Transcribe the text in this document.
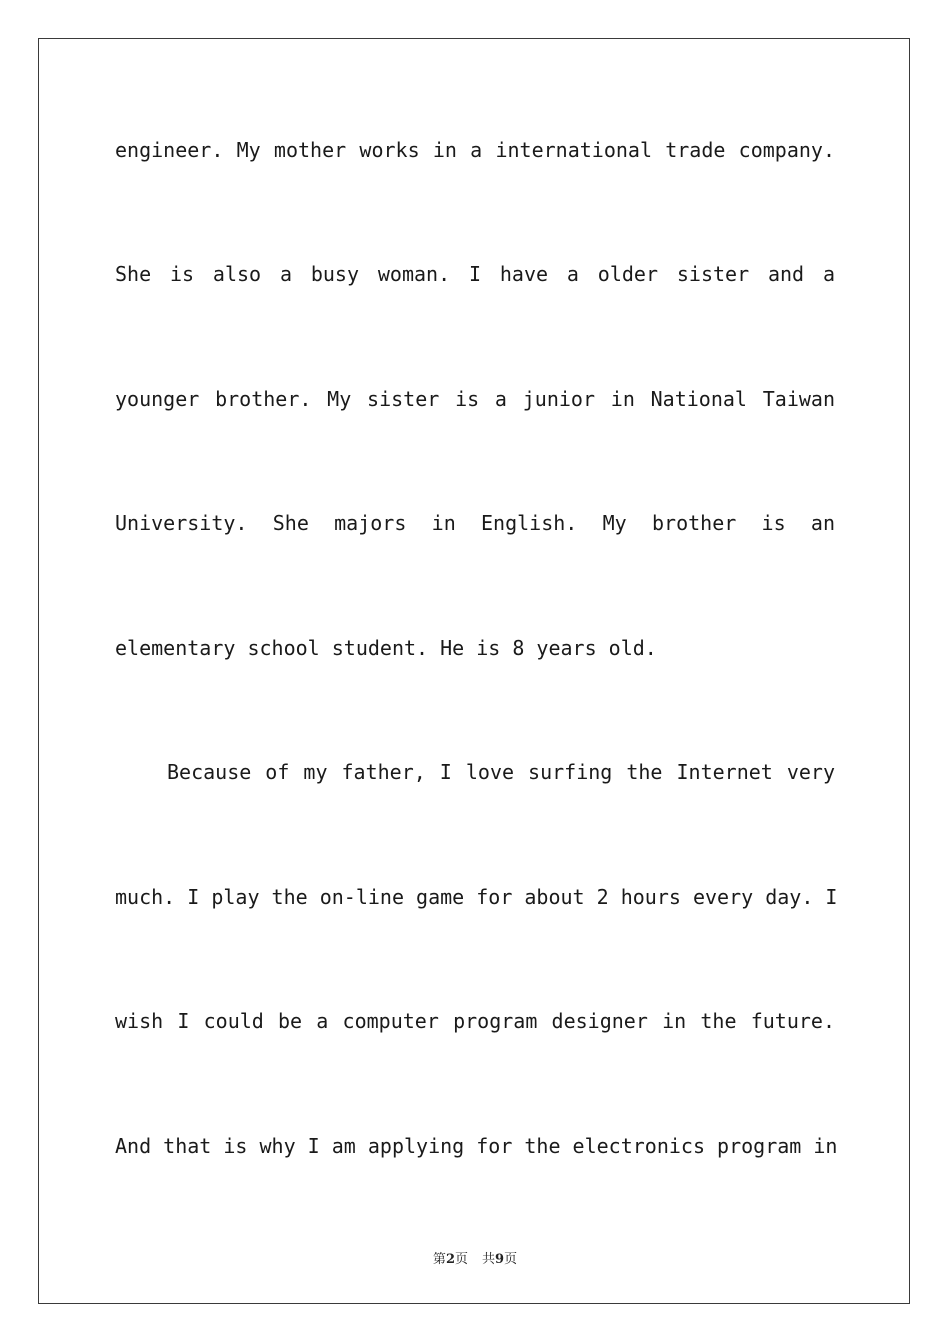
engineer. My mother works in a international trade company.
She is also a busy woman. I have a older sister and a
younger brother. My sister is a junior in National Taiwan
University. She majors in English. My brother is an
elementary school student. He is 8 years old.
Because of my father, I love surfing the Internet very
much. I play the on-line game for about 2 hours every day. I
wish I could be a computer program designer in the future.
And that is why I am applying for the electronics program in
第2页 共9页
